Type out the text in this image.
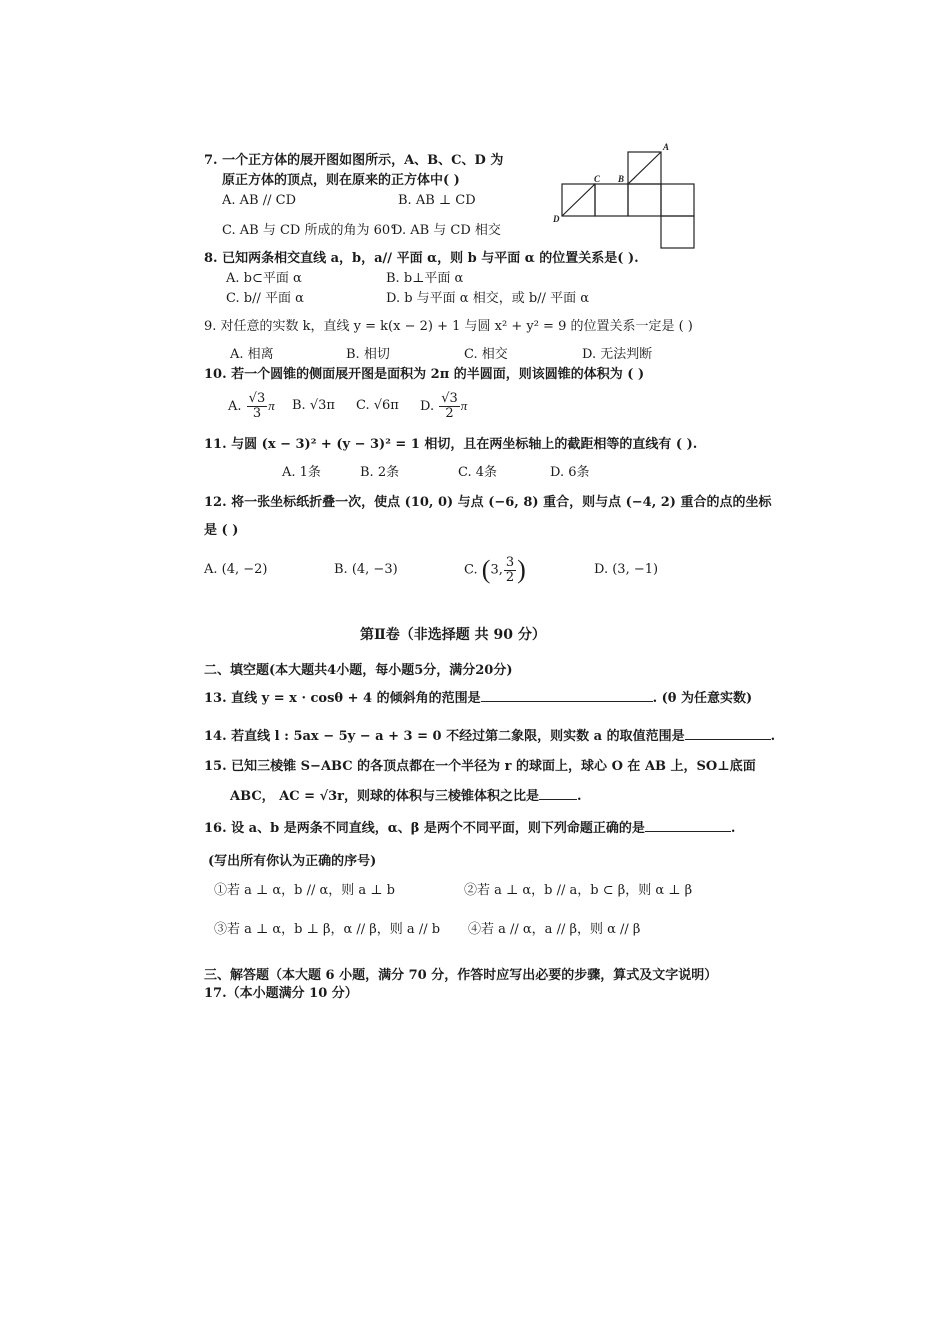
7. 一个正方体的展开图如图所示，A、B、C、D 为
原正方体的顶点，则在原来的正方体中( )
A. AB // CD	B. AB ⊥ CD
C. AB 与 CD 所成的角为 60°
D. AB 与 CD 相交
A
B
C
D
8. 已知两条相交直线 a，b，a// 平面 α，则 b 与平面 α 的位置关系是( ).
A. b⊂平面 α	B. b⊥平面 α
C. b// 平面 α	D. b 与平面 α 相交，或 b// 平面 α
9. 对任意的实数 k，直线 y = k(x − 2) + 1 与圆 x² + y² = 9 的位置关系一定是 ( )
A. 相离	B. 相切	C. 相交	D. 无法判断
10. 若一个圆锥的侧面展开图是面积为 2π 的半圆面，则该圆锥的体积为 ( )
A. $\frac{√3}{3}$ π B. √3π C. √6π D. $\frac{√3}{2}$ π
11. 与圆 (x − 3)² + (y − 3)² = 1 相切，且在两坐标轴上的截距相等的直线有 ( ).
A. 1条	B. 2条	C. 4条	D. 6条
12. 将一张坐标纸折叠一次，使点 (10, 0) 与点 (−6, 8) 重合，则与点 (−4, 2) 重合的点的坐标
是 ( )
A. (4, −2)	B. (4, −3)	C. (3, $\frac{3}{2}$ )	D. (3, −1)
第Ⅱ卷（非选择题 共 90 分）
二、填空题(本大题共4小题，每小题5分，满分20分)
13. 直线 y = x · cosθ + 4 的倾斜角的范围是	. (θ 为任意实数)
14. 若直线 l : 5ax − 5y − a + 3 = 0 不经过第二象限，则实数 a 的取值范围是	.
15. 已知三棱锥 S−ABC 的各顶点都在一个半径为 r 的球面上，球心 O 在 AB 上，SO⊥底面
ABC， AC = √3r，则球的体积与三棱锥体积之比是	.
16. 设 a、b 是两条不同直线，α、β 是两个不同平面，则下列命题正确的是	.
(写出所有你认为正确的序号)
①若 a ⊥ α，b // α，则 a ⊥ b	②若 a ⊥ α，b // a，b ⊂ β，则 α ⊥ β
③若 a ⊥ α，b ⊥ β，α // β，则 a // b ④若 a // α，a // β，则 α // β
三、解答题（本大题 6 小题，满分 70 分，作答时应写出必要的步骤，算式及文字说明）
17.（本小题满分 10 分）
